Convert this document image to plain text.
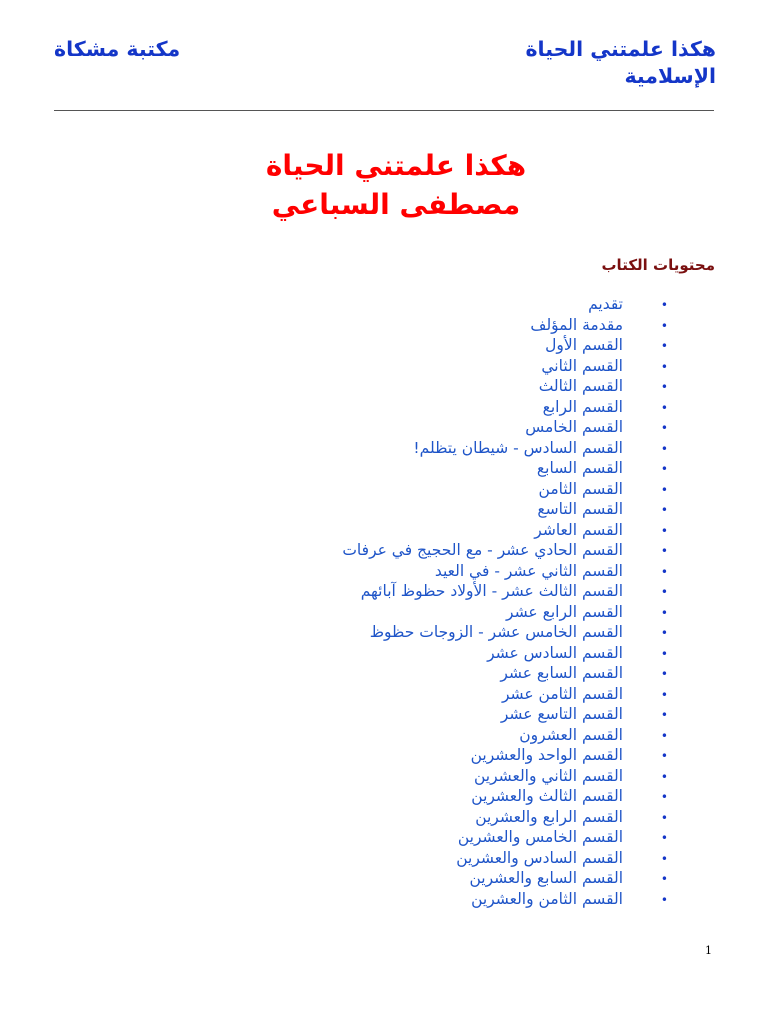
هكذا علمتني الحياة
الإسلامية
مكتبة مشكاة
هكذا علمتني الحياة
مصطفى السباعي
محتويات الكتاب
•
تقديم
•
مقدمة المؤلف
•
القسم الأول
•
القسم الثاني
•
القسم الثالث
•
القسم الرابع
•
القسم الخامس
•
القسم السادس - شيطان يتظلم!
•
القسم السابع
•
القسم الثامن
•
القسم التاسع
•
القسم العاشر
•
القسم الحادي عشر - مع الحجيج في عرفات
•
القسم الثاني عشر - في العيد
•
القسم الثالث عشر - الأولاد حظوظ آبائهم
•
القسم الرابع عشر
•
القسم الخامس عشر - الزوجات حظوظ
•
القسم السادس عشر
•
القسم السابع عشر
•
القسم الثامن عشر
•
القسم التاسع عشر
•
القسم العشرون
•
القسم الواحد والعشرين
•
القسم الثاني والعشرين
•
القسم الثالث والعشرين
•
القسم الرابع والعشرين
•
القسم الخامس والعشرين
•
القسم السادس والعشرين
•
القسم السابع والعشرين
•
القسم الثامن والعشرين
1
